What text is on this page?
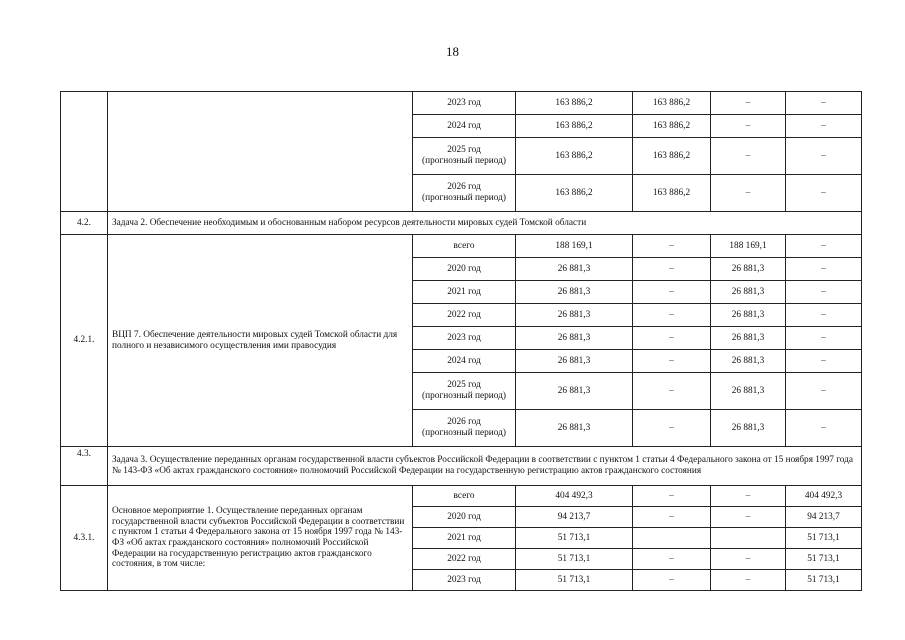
18
		2023 год	163 886,2	163 886,2	–	–
		2024 год	163 886,2	163 886,2	–	–
		2025 год
(прогнозный период)	163 886,2	163 886,2	–	–
		2026 год
(прогнозный период)	163 886,2	163 886,2	–	–
4.2.	Задача 2. Обеспечение необходимым и обоснованным набором ресурсов деятельности мировых судей Томской области					
4.2.1.	ВЦП 7. Обеспечение деятельности мировых судей Томской области для полного и независимого осуществления ими правосудия	всего	188 169,1	–	188 169,1	–
		2020 год	26 881,3	–	26 881,3	–
		2021 год	26 881,3	–	26 881,3	–
		2022 год	26 881,3	–	26 881,3	–
		2023 год	26 881,3	–	26 881,3	–
		2024 год	26 881,3	–	26 881,3	–
		2025 год
(прогнозный период)	26 881,3	–	26 881,3	–
		2026 год
(прогнозный период)	26 881,3	–	26 881,3	–
4.3.	Задача 3. Осуществление переданных органам государственной власти субъектов Российской Федерации в соответствии с пунктом 1 статьи 4 Федерального закона от 15 ноября 1997 года № 143-ФЗ «Об актах гражданского состояния» полномочий Российской Федерации на государственную регистрацию актов гражданского состояния					
4.3.1.	Основное мероприятие 1. Осуществление переданных органам государственной власти субъектов Российской Федерации в соответствии с пунктом 1 статьи 4 Федерального закона от 15 ноября 1997 года № 143-ФЗ «Об актах гражданского состояния» полномочий Российской Федерации на государственную регистрацию актов гражданского состояния, в том числе:	всего	404 492,3	–	–	404 492,3
		2020 год	94 213,7	–	–	94 213,7
		2021 год	51 713,1			51 713,1
		2022 год	51 713,1	–	–	51 713,1
		2023 год	51 713,1	–	–	51 713,1
